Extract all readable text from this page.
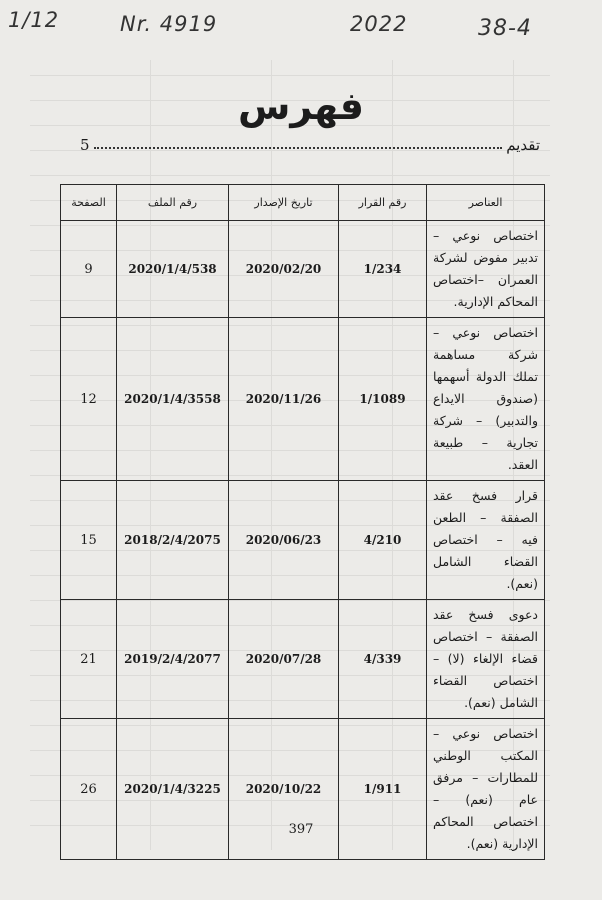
1/12	Nr. 4919	2022	38-4
فهرس
تقديم
5
العناصر	رقم القرار	تاريخ الإصدار	رقم الملف	الصفحة
اختصاص نوعي – تدبير مفوض لشركة العمران –اختصاص المحاكم الإدارية.	1/234	2020/02/20	2020/1/4/538	9
اختصاص نوعي – شركة مساهمة تملك الدولة أسهمها (صندوق الايداع والتدبير) – شركة تجارية – طبيعة العقد.	1/1089	2020/11/26	2020/1/4/3558	12
قرار فسخ عقد الصفقة – الطعن فيه – اختصاص القضاء الشامل (نعم).	4/210	2020/06/23	2018/2/4/2075	15
دعوى فسخ عقد الصفقة – اختصاص قضاء الإلغاء (لا) – اختصاص القضاء الشامل (نعم).	4/339	2020/07/28	2019/2/4/2077	21
اختصاص نوعي – المكتب الوطني للمطارات – مرفق عام (نعم) – اختصاص المحاكم الإدارية (نعم).	1/911	2020/10/22	2020/1/4/3225	26
397
